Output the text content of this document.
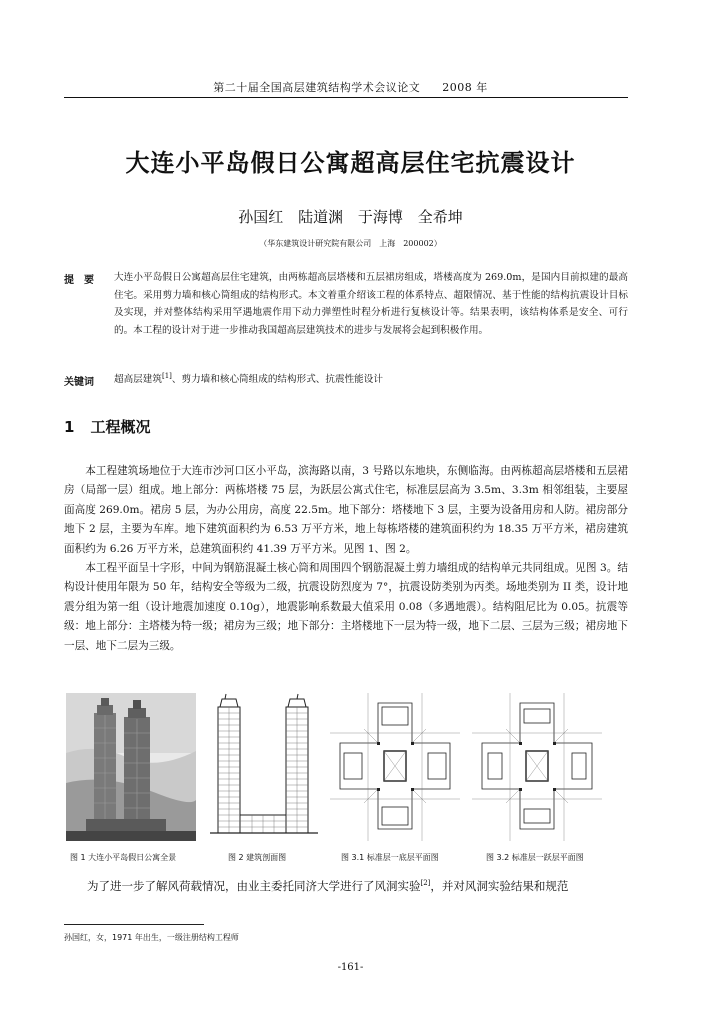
第二十届全国高层建筑结构学术会议论文 2008 年
大连小平岛假日公寓超高层住宅抗震设计
孙国红 陆道渊 于海博 全希坤
（华东建筑设计研究院有限公司　上海　200002）
提　要	大连小平岛假日公寓超高层住宅建筑，由两栋超高层塔楼和五层裙房组成，塔楼高度为 269.0m，是国内目前拟建的最高住宅。采用剪力墙和核心筒组成的结构形式。本文着重介绍该工程的体系特点、超限情况、基于性能的结构抗震设计目标及实现，并对整体结构采用罕遇地震作用下动力弹塑性时程分析进行复核设计等。结果表明，该结构体系是安全、可行的。本工程的设计对于进一步推动我国超高层建筑技术的进步与发展将会起到积极作用。
关键词 超高层建筑[1]、剪力墙和核心筒组成的结构形式、抗震性能设计
1 工程概况
本工程建筑场地位于大连市沙河口区小平岛，滨海路以南，3 号路以东地块，东侧临海。由两栋超高层塔楼和五层裙房（局部一层）组成。地上部分：两栋塔楼 75 层，为跃层公寓式住宅，标准层层高为 3.5m、3.3m 相邻组装，主要屋面高度 269.0m。裙房 5 层，为办公用房，高度 22.5m。地下部分：塔楼地下 3 层，主要为设备用房和人防。裙房部分地下 2 层，主要为车库。地下建筑面积约为 6.53 万平方米，地上每栋塔楼的建筑面积约为 18.35 万平方米，裙房建筑面积约为 6.26 万平方米，总建筑面积约 41.39 万平方米。见图 1、图 2。
本工程平面呈十字形，中间为钢筋混凝土核心筒和周围四个钢筋混凝土剪力墙组成的结构单元共同组成。见图 3。结构设计使用年限为 50 年，结构安全等级为二级，抗震设防烈度为 7°，抗震设防类别为丙类。场地类别为 II 类，设计地震分组为第一组（设计地震加速度 0.10g），地震影响系数最大值采用 0.08（多遇地震）。结构阻尼比为 0.05。抗震等级：地上部分：主塔楼为特一级；裙房为三级；地下部分：主塔楼地下一层为特一级，地下二层、三层为三级；裙房地下一层、地下二层为三级。
图 1 大连小平岛假日公寓全景	图 2 建筑剖面图	图 3.1 标准层一底层平面图	图 3.2 标准层一跃层平面图
为了进一步了解风荷载情况，由业主委托同济大学进行了风洞实验[2]，并对风洞实验结果和规范
孙国红，女，1971 年出生，一级注册结构工程师
-161-
